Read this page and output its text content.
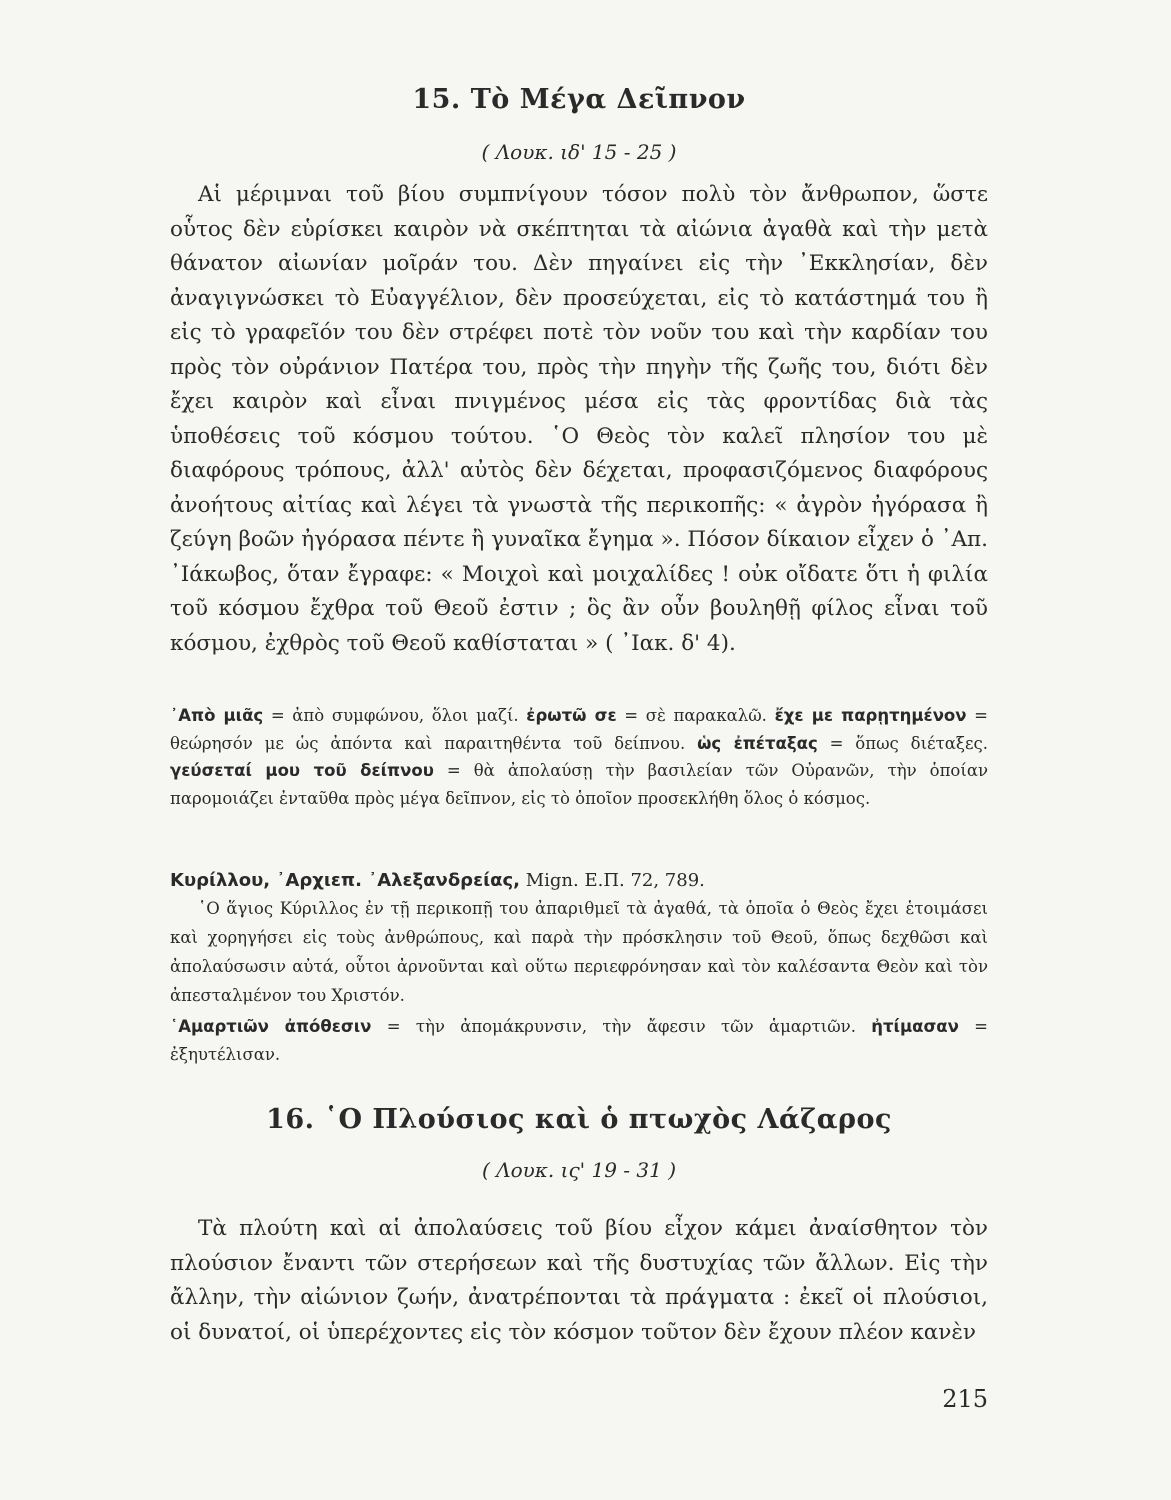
15. Τὸ Μέγα Δεῖπνον
( Λουκ. ιδ' 15 - 25 )

Αἱ μέριμναι τοῦ βίου συμπνίγουν τόσον πολὺ τὸν ἄνθρωπον, ὥστε οὗτος δὲν εὑρίσκει καιρὸν νὰ σκέπτηται τὰ αἰώνια ἀγαθὰ καὶ τὴν μετὰ θάνατον αἰωνίαν μοῖράν του. Δὲν πηγαίνει εἰς τὴν ᾿Εκκλησίαν, δὲν ἀναγιγνώσκει τὸ Εὐαγγέλιον, δὲν προσεύχεται, εἰς τὸ κατάστημά του ἢ εἰς τὸ γραφεῖόν του δὲν στρέφει ποτὲ τὸν νοῦν του καὶ τὴν καρδίαν του πρὸς τὸν οὐράνιον Πατέρα του, πρὸς τὴν πηγὴν τῆς ζωῆς του, διότι δὲν ἔχει καιρὸν καὶ εἶναι πνιγμένος μέσα εἰς τὰς φροντίδας διὰ τὰς ὑποθέσεις τοῦ κόσμου τούτου. ῾Ο Θεὸς τὸν καλεῖ πλησίον του μὲ διαφόρους τρόπους, ἀλλ' αὐτὸς δὲν δέχεται, προφασιζόμενος διαφόρους ἀνοήτους αἰτίας καὶ λέγει τὰ γνωστὰ τῆς περικοπῆς: « ἀγρὸν ἠγόρασα ἢ ζεύγη βοῶν ἠγόρασα πέντε ἢ γυναῖκα ἔγημα ». Πόσον δίκαιον εἶχεν ὁ ᾿Απ. ᾿Ιάκωβος, ὅταν ἔγραφε: « Μοιχοὶ καὶ μοιχαλίδες ! οὐκ οἴδατε ὅτι ἡ φιλία τοῦ κόσμου ἔχθρα τοῦ Θεοῦ ἐστιν ; ὃς ἂν οὖν βουληθῇ φίλος εἶναι τοῦ κόσμου, ἐχθρὸς τοῦ Θεοῦ καθίσταται » ( ᾿Ιακ. δ' 4).

᾿Απὸ μιᾶς = ἀπὸ συμφώνου, ὅλοι μαζί. ἐρωτῶ σε = σὲ παρακαλῶ. ἔχε με παρῃτημένον = θεώρησόν με ὡς ἀπόντα καὶ παραιτηθέντα τοῦ δείπνου. ὡς ἐπέταξας = ὅπως διέταξες. γεύσεταί μου τοῦ δείπνου = θὰ ἀπολαύσῃ τὴν βασιλείαν τῶν Οὐρανῶν, τὴν ὁποίαν παρομοιάζει ἐνταῦθα πρὸς μέγα δεῖπνον, εἰς τὸ ὁποῖον προσεκλήθη ὅλος ὁ κόσμος.
Κυρίλλου, ᾿Αρχιεπ. ᾿Αλεξανδρείας, Mign. Ε.Π. 72, 789.

῾Ο ἅγιος Κύριλλος ἐν τῇ περικοπῇ του ἀπαριθμεῖ τὰ ἀγαθά, τὰ ὁποῖα ὁ Θεὸς ἔχει ἑτοιμάσει καὶ χορηγήσει εἰς τοὺς ἀνθρώπους, καὶ παρὰ τὴν πρόσκλησιν τοῦ Θεοῦ, ὅπως δεχθῶσι καὶ ἀπολαύσωσιν αὐτά, οὗτοι ἀρνοῦνται καὶ οὕτω περιεφρόνησαν καὶ τὸν καλέσαντα Θεὸν καὶ τὸν ἀπεσταλμένον του Χριστόν.

῾Αμαρτιῶν ἀπόθεσιν = τὴν ἀπομάκρυνσιν, τὴν ἄφεσιν τῶν ἁμαρτιῶν. ἠτίμασαν = ἐξηυτέλισαν.
16. ῾Ο Πλούσιος καὶ ὁ πτωχὸς Λάζαρος
( Λουκ. ις' 19 - 31 )

Τὰ πλούτη καὶ αἱ ἀπολαύσεις τοῦ βίου εἶχον κάμει ἀναίσθητον τὸν πλούσιον ἔναντι τῶν στερήσεων καὶ τῆς δυστυχίας τῶν ἄλλων. Εἰς τὴν ἄλλην, τὴν αἰώνιον ζωήν, ἀνατρέπονται τὰ πράγματα : ἐκεῖ οἱ πλούσιοι, οἱ δυνατοί, οἱ ὑπερέχοντες εἰς τὸν κόσμον τοῦτον δὲν ἔχουν πλέον κανὲν

215
